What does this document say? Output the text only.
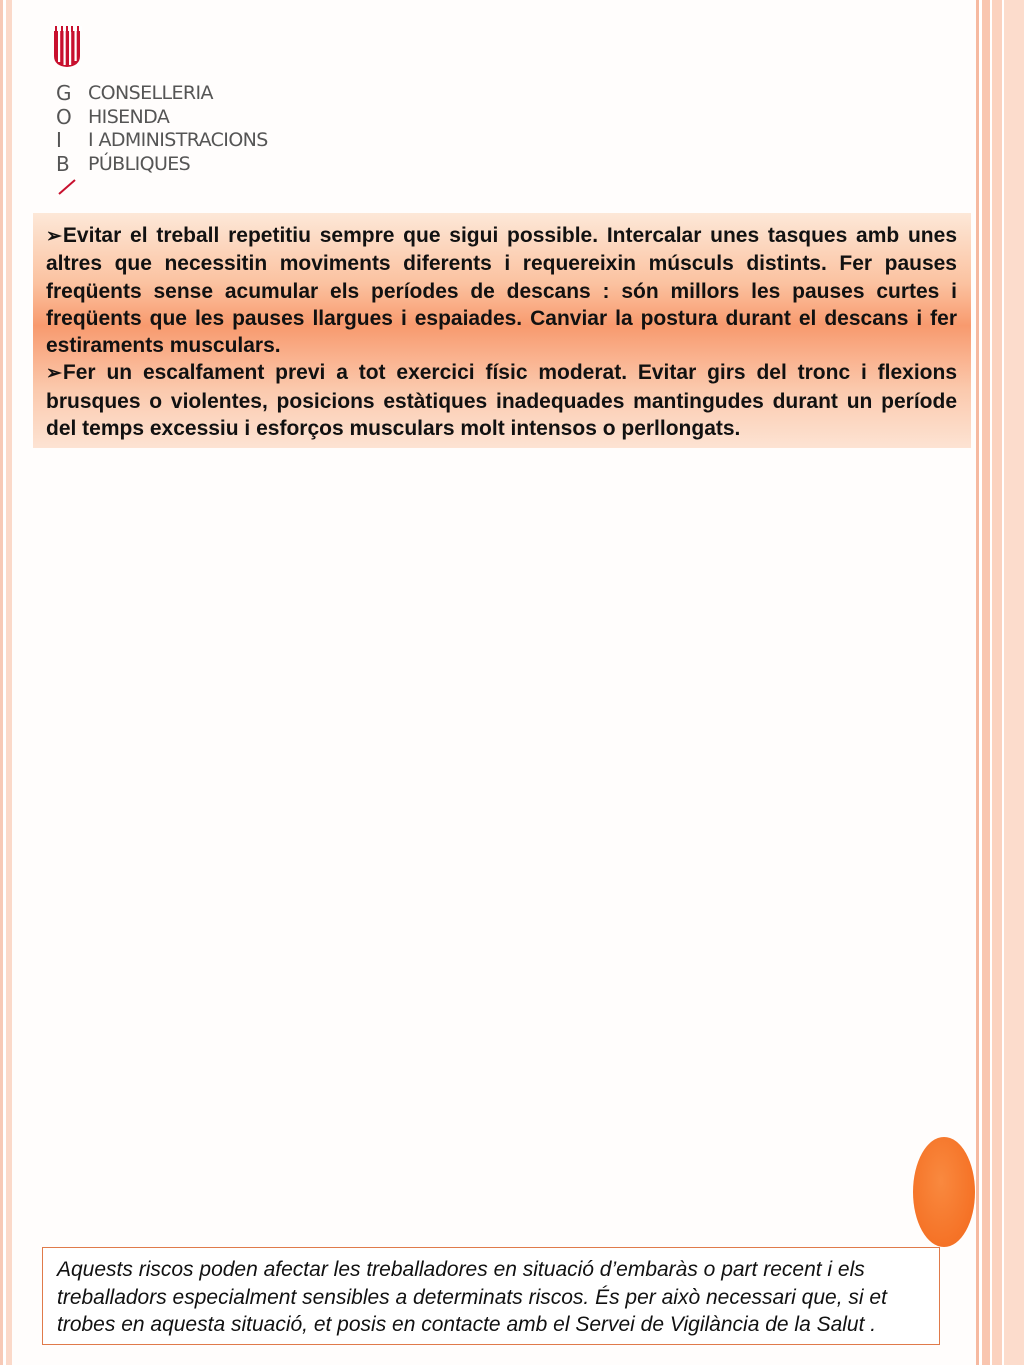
G
O
I
B
CONSELLERIA
HISENDA
I ADMINISTRACIONS
PÚBLIQUES

➢Evitar el treball repetitiu sempre que sigui possible. Intercalar unes tasques amb unes altres que necessitin moviments diferents i requereixin músculs distints. Fer pauses freqüents sense acumular els períodes de descans : són millors les pauses curtes i freqüents que les pauses llargues i espaiades. Canviar la postura durant el descans i fer estiraments musculars.

➢Fer un escalfament previ a tot exercici físic moderat. Evitar girs del tronc i flexions brusques o violentes, posicions estàtiques inadequades mantingudes durant un període del temps excessiu i esforços musculars molt intensos o perllongats.

Aquests riscos poden afectar les treballadores en situació d’embaràs o part recent i els treballadors especialment sensibles a determinats riscos. És per això necessari que, si et trobes en aquesta situació, et posis en contacte amb el Servei de Vigilància de la Salut .
